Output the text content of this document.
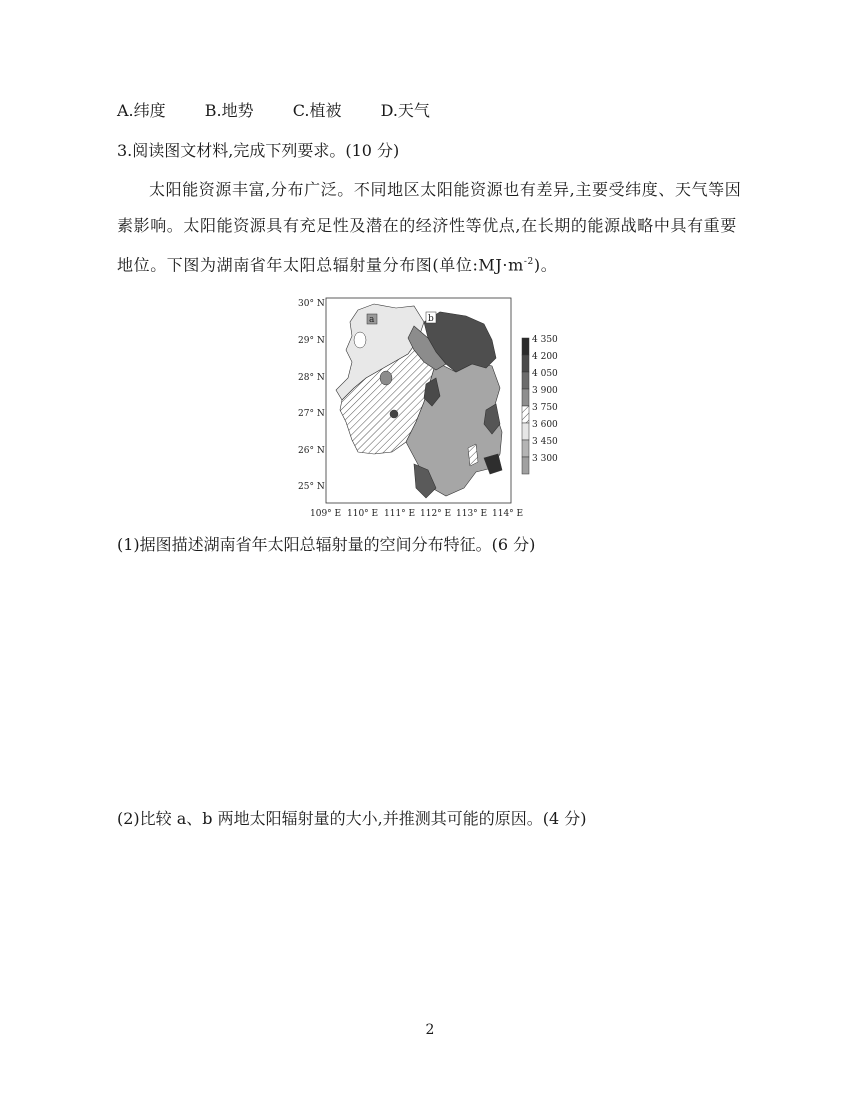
A.纬度 B.地势 C.植被 D.天气
3.阅读图文材料,完成下列要求。(10 分)
太阳能资源丰富,分布广泛。不同地区太阳能资源也有差异,主要受纬度、天气等因素影响。太阳能资源具有充足性及潜在的经济性等优点,在长期的能源战略中具有重要地位。下图为湖南省年太阳总辐射量分布图(单位$:MJ\cdot m^{-2}$)。
a	b
30° N
29° N
28° N
27° N
26° N
25° N
109° E 110° E 111° E 112° E 113° E 114° E
4 350
4 200
4 050
3 900
3 750
3 600
3 450
3 300
(1)据图描述湖南省年太阳总辐射量的空间分布特征。(6 分)
(2)比较 a、b 两地太阳辐射量的大小,并推测其可能的原因。(4 分)
2
